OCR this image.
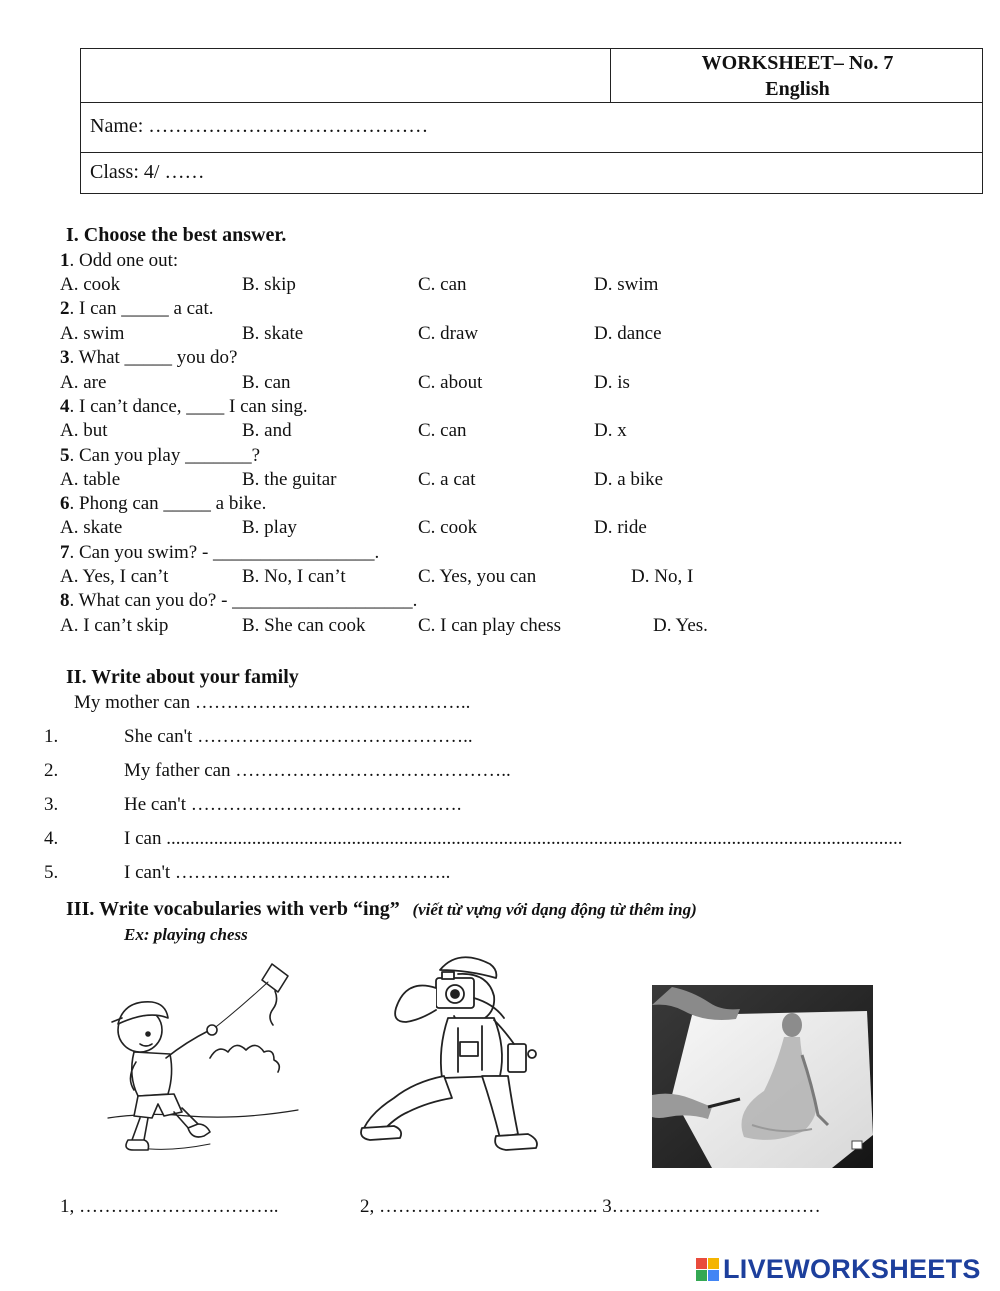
WORKSHEET– No. 7
English
Name: ……………………………………
Class: 4/ ……
I. Choose the best answer.
1. Odd one out:
A. cook	B. skip	C. can	D. swim
2. I can _____ a cat.
A. swim	B. skate	C. draw	D. dance
3. What _____ you do?
A. are	B. can	C. about	D. is
4. I can’t dance, ____ I can sing.
A. but	B. and	C. can	D. x
5. Can you play _______?
A. table	B. the guitar	C. a cat	D. a bike
6. Phong can _____ a bike.
A. skate	B. play	C. cook	D. ride
7. Can you swim? - _________________.
A. Yes, I can’t	B. No, I can’t	C. Yes, you can	D. No, I
8. What can you do? - ___________________.
A. I can’t skip	B. She can cook	C. I can play chess	D. Yes.
II. Write about your family
My mother can ……………………………………..
1.	She can't ……………………………………..
2.	My father can ……………………………………..
3.	He can't …………………………………….
4.	I can ...........................................................................................................................................................
5.	I can't ……………………………………..
III. Write vocabularies with verb “ing” (viết từ vựng với dạng động từ thêm ing)
Ex: playing chess
1, …………………………..	2, …………………………….. 3……………………………
LIVEWORKSHEETS
